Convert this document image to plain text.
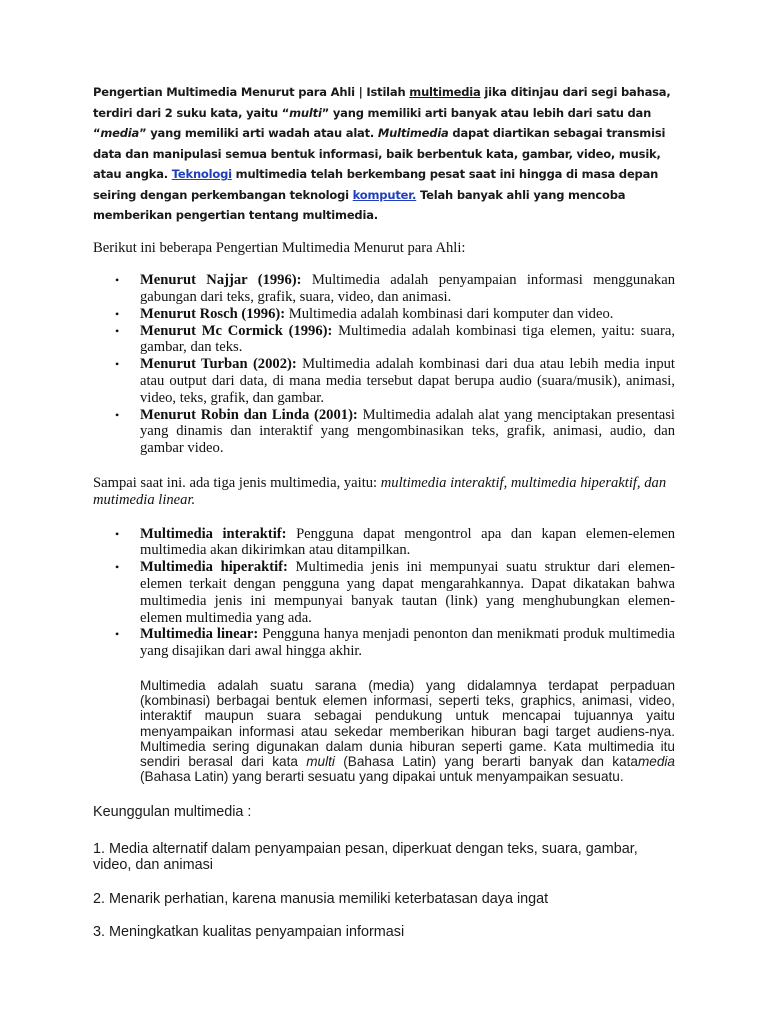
Pengertian Multimedia Menurut para Ahli | Istilah multimedia jika ditinjau dari segi bahasa, terdiri dari 2 suku kata, yaitu “multi” yang memiliki arti banyak atau lebih dari satu dan “media” yang memiliki arti wadah atau alat. Multimedia dapat diartikan sebagai transmisi data dan manipulasi semua bentuk informasi, baik berbentuk kata, gambar, video, musik, atau angka. Teknologi multimedia telah berkembang pesat saat ini hingga di masa depan seiring dengan perkembangan teknologi komputer. Telah banyak ahli yang mencoba memberikan pengertian tentang multimedia.

Berikut ini beberapa Pengertian Multimedia Menurut para Ahli:

• Menurut Najjar (1996): Multimedia adalah penyampaian informasi menggunakan gabungan dari teks, grafik, suara, video, dan animasi.
• Menurut Rosch (1996): Multimedia adalah kombinasi dari komputer dan video.
• Menurut Mc Cormick (1996): Multimedia adalah kombinasi tiga elemen, yaitu: suara, gambar, dan teks.
• Menurut Turban (2002): Multimedia adalah kombinasi dari dua atau lebih media input atau output dari data, di mana media tersebut dapat berupa audio (suara/musik), animasi, video, teks, grafik, dan gambar.
• Menurut Robin dan Linda (2001): Multimedia adalah alat yang menciptakan presentasi yang dinamis dan interaktif yang mengombinasikan teks, grafik, animasi, audio, dan gambar video.

Sampai saat ini. ada tiga jenis multimedia, yaitu: multimedia interaktif, multimedia hiperaktif, dan mutimedia linear.

• Multimedia interaktif: Pengguna dapat mengontrol apa dan kapan elemen-elemen multimedia akan dikirimkan atau ditampilkan.
• Multimedia hiperaktif: Multimedia jenis ini mempunyai suatu struktur dari elemen-elemen terkait dengan pengguna yang dapat mengarahkannya. Dapat dikatakan bahwa multimedia jenis ini mempunyai banyak tautan (link) yang menghubungkan elemen-elemen multimedia yang ada.
• Multimedia linear: Pengguna hanya menjadi penonton dan menikmati produk multimedia yang disajikan dari awal hingga akhir.

Multimedia adalah suatu sarana (media) yang didalamnya terdapat perpaduan (kombinasi) berbagai bentuk elemen informasi, seperti teks, graphics, animasi, video, interaktif maupun suara sebagai pendukung untuk mencapai tujuannya yaitu menyampaikan informasi atau sekedar memberikan hiburan bagi target audiens-nya. Multimedia sering digunakan dalam dunia hiburan seperti game. Kata multimedia itu sendiri berasal dari kata multi (Bahasa Latin) yang berarti banyak dan katamedia (Bahasa Latin) yang berarti sesuatu yang dipakai untuk menyampaikan sesuatu.

Keunggulan multimedia :

1. Media alternatif dalam penyampaian pesan, diperkuat dengan teks, suara, gambar, video, dan animasi

2. Menarik perhatian, karena manusia memiliki keterbatasan daya ingat

3. Meningkatkan kualitas penyampaian informasi
